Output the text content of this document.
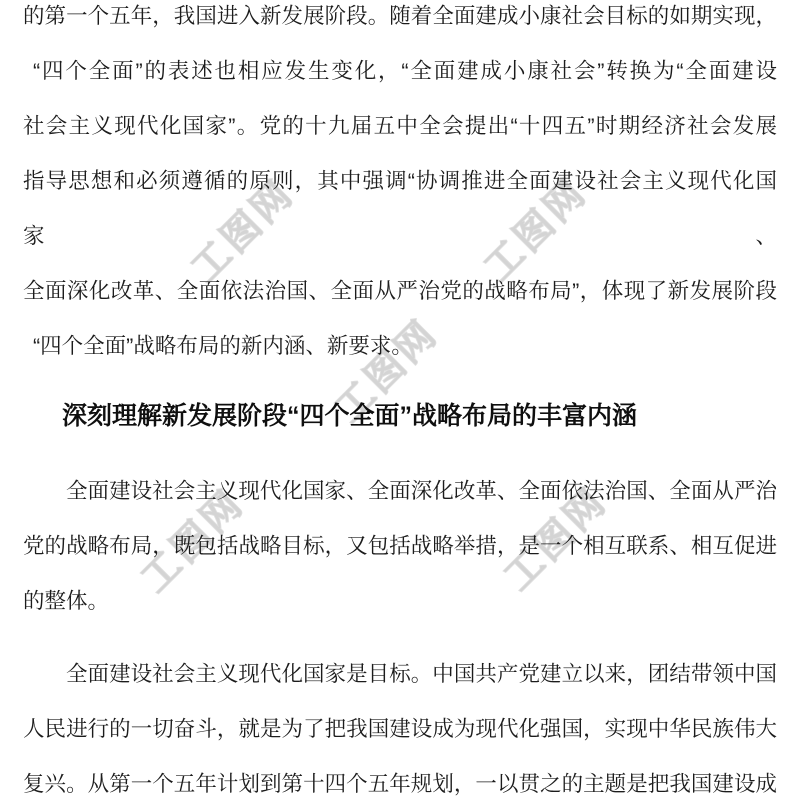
工图网	工图网
工图网
工图网	工图网
的第一个五年，我国进入新发展阶段。随着全面建成小康社会目标的如期实现，
“四个全面”的表述也相应发生变化，“全面建成小康社会”转换为“全面建设
社会主义现代化国家”。党的十九届五中全会提出“十四五”时期经济社会发展
指导思想和必须遵循的原则，其中强调“协调推进全面建设社会主义现代化国家、
全面深化改革、全面依法治国、全面从严治党的战略布局”，体现了新发展阶段
“四个全面”战略布局的新内涵、新要求。
深刻理解新发展阶段“四个全面”战略布局的丰富内涵
全面建设社会主义现代化国家、全面深化改革、全面依法治国、全面从严治
党的战略布局，既包括战略目标，又包括战略举措，是一个相互联系、相互促进
的整体。
全面建设社会主义现代化国家是目标。中国共产党建立以来，团结带领中国
人民进行的一切奋斗，就是为了把我国建设成为现代化强国，实现中华民族伟大
复兴。从第一个五年计划到第十四个五年规划，一以贯之的主题是把我国建设成
